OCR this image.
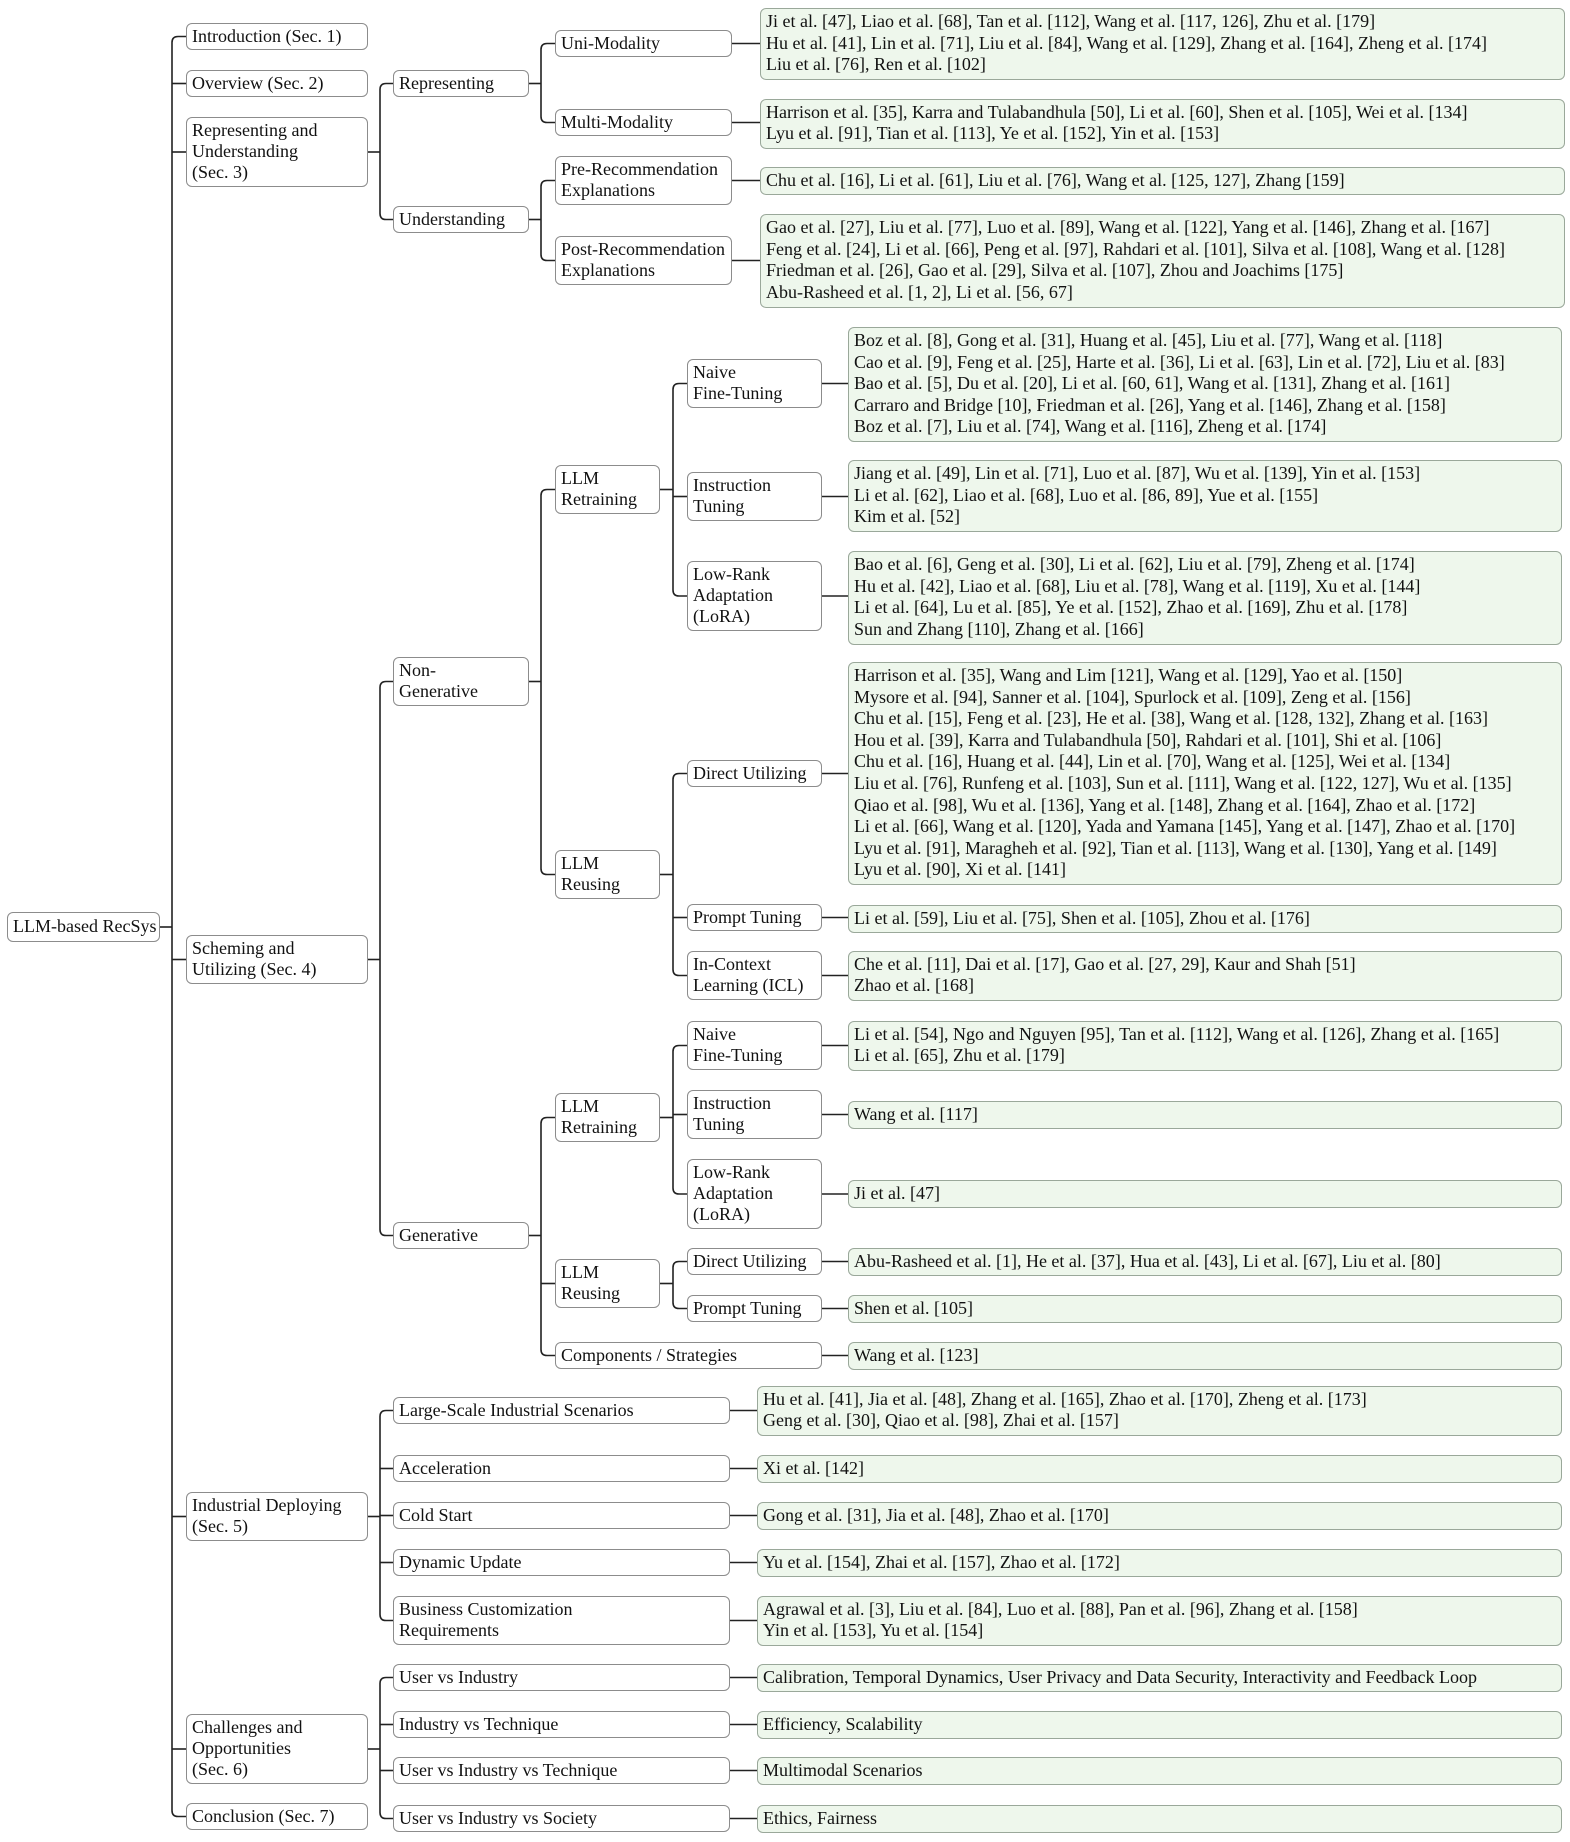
LLM-based RecSys
Introduction (Sec. 1)
Overview (Sec. 2)
Representing and
Understanding
(Sec. 3)
Scheming and
Utilizing (Sec. 4)
Industrial Deploying
(Sec. 5)
Challenges and
Opportunities
(Sec. 6)
Conclusion (Sec. 7)
Representing
Understanding
Uni-Modality
Multi-Modality
Pre-Recommendation
Explanations
Post-Recommendation
Explanations
Ji et al. [47], Liao et al. [68], Tan et al. [112], Wang et al. [117, 126], Zhu et al. [179]
Hu et al. [41], Lin et al. [71], Liu et al. [84], Wang et al. [129], Zhang et al. [164], Zheng et al. [174]
Liu et al. [76], Ren et al. [102]
Harrison et al. [35], Karra and Tulabandhula [50], Li et al. [60], Shen et al. [105], Wei et al. [134]
Lyu et al. [91], Tian et al. [113], Ye et al. [152], Yin et al. [153]
Chu et al. [16], Li et al. [61], Liu et al. [76], Wang et al. [125, 127], Zhang [159]
Gao et al. [27], Liu et al. [77], Luo et al. [89], Wang et al. [122], Yang et al. [146], Zhang et al. [167]
Feng et al. [24], Li et al. [66], Peng et al. [97], Rahdari et al. [101], Silva et al. [108], Wang et al. [128]
Friedman et al. [26], Gao et al. [29], Silva et al. [107], Zhou and Joachims [175]
Abu-Rasheed et al. [1, 2], Li et al. [56, 67]
Non-
Generative
Generative
LLM
Retraining
LLM
Reusing
Naive
Fine-Tuning
Instruction
Tuning
Low-Rank
Adaptation
(LoRA)
Boz et al. [8], Gong et al. [31], Huang et al. [45], Liu et al. [77], Wang et al. [118]
Cao et al. [9], Feng et al. [25], Harte et al. [36], Li et al. [63], Lin et al. [72], Liu et al. [83]
Bao et al. [5], Du et al. [20], Li et al. [60, 61], Wang et al. [131], Zhang et al. [161]
Carraro and Bridge [10], Friedman et al. [26], Yang et al. [146], Zhang et al. [158]
Boz et al. [7], Liu et al. [74], Wang et al. [116], Zheng et al. [174]
Jiang et al. [49], Lin et al. [71], Luo et al. [87], Wu et al. [139], Yin et al. [153]
Li et al. [62], Liao et al. [68], Luo et al. [86, 89], Yue et al. [155]
Kim et al. [52]
Bao et al. [6], Geng et al. [30], Li et al. [62], Liu et al. [79], Zheng et al. [174]
Hu et al. [42], Liao et al. [68], Liu et al. [78], Wang et al. [119], Xu et al. [144]
Li et al. [64], Lu et al. [85], Ye et al. [152], Zhao et al. [169], Zhu et al. [178]
Sun and Zhang [110], Zhang et al. [166]
Direct Utilizing
Prompt Tuning
In-Context
Learning (ICL)
Harrison et al. [35], Wang and Lim [121], Wang et al. [129], Yao et al. [150]
Mysore et al. [94], Sanner et al. [104], Spurlock et al. [109], Zeng et al. [156]
Chu et al. [15], Feng et al. [23], He et al. [38], Wang et al. [128, 132], Zhang et al. [163]
Hou et al. [39], Karra and Tulabandhula [50], Rahdari et al. [101], Shi et al. [106]
Chu et al. [16], Huang et al. [44], Lin et al. [70], Wang et al. [125], Wei et al. [134]
Liu et al. [76], Runfeng et al. [103], Sun et al. [111], Wang et al. [122, 127], Wu et al. [135]
Qiao et al. [98], Wu et al. [136], Yang et al. [148], Zhang et al. [164], Zhao et al. [172]
Li et al. [66], Wang et al. [120], Yada and Yamana [145], Yang et al. [147], Zhao et al. [170]
Lyu et al. [91], Maragheh et al. [92], Tian et al. [113], Wang et al. [130], Yang et al. [149]
Lyu et al. [90], Xi et al. [141]
Li et al. [59], Liu et al. [75], Shen et al. [105], Zhou et al. [176]
Che et al. [11], Dai et al. [17], Gao et al. [27, 29], Kaur and Shah [51]
Zhao et al. [168]
LLM
Retraining
LLM
Reusing
Components / Strategies
Naive
Fine-Tuning
Instruction
Tuning
Low-Rank
Adaptation
(LoRA)
Li et al. [54], Ngo and Nguyen [95], Tan et al. [112], Wang et al. [126], Zhang et al. [165]
Li et al. [65], Zhu et al. [179]
Wang et al. [117]
Ji et al. [47]
Direct Utilizing
Prompt Tuning
Abu-Rasheed et al. [1], He et al. [37], Hua et al. [43], Li et al. [67], Liu et al. [80]
Shen et al. [105]
Wang et al. [123]
Large-Scale Industrial Scenarios
Acceleration
Cold Start
Dynamic Update
Business Customization
Requirements
Hu et al. [41], Jia et al. [48], Zhang et al. [165], Zhao et al. [170], Zheng et al. [173]
Geng et al. [30], Qiao et al. [98], Zhai et al. [157]
Xi et al. [142]
Gong et al. [31], Jia et al. [48], Zhao et al. [170]
Yu et al. [154], Zhai et al. [157], Zhao et al. [172]
Agrawal et al. [3], Liu et al. [84], Luo et al. [88], Pan et al. [96], Zhang et al. [158]
Yin et al. [153], Yu et al. [154]
User vs Industry
Industry vs Technique
User vs Industry vs Technique
User vs Industry vs Society
Calibration, Temporal Dynamics, User Privacy and Data Security, Interactivity and Feedback Loop
Efficiency, Scalability
Multimodal Scenarios
Ethics, Fairness
